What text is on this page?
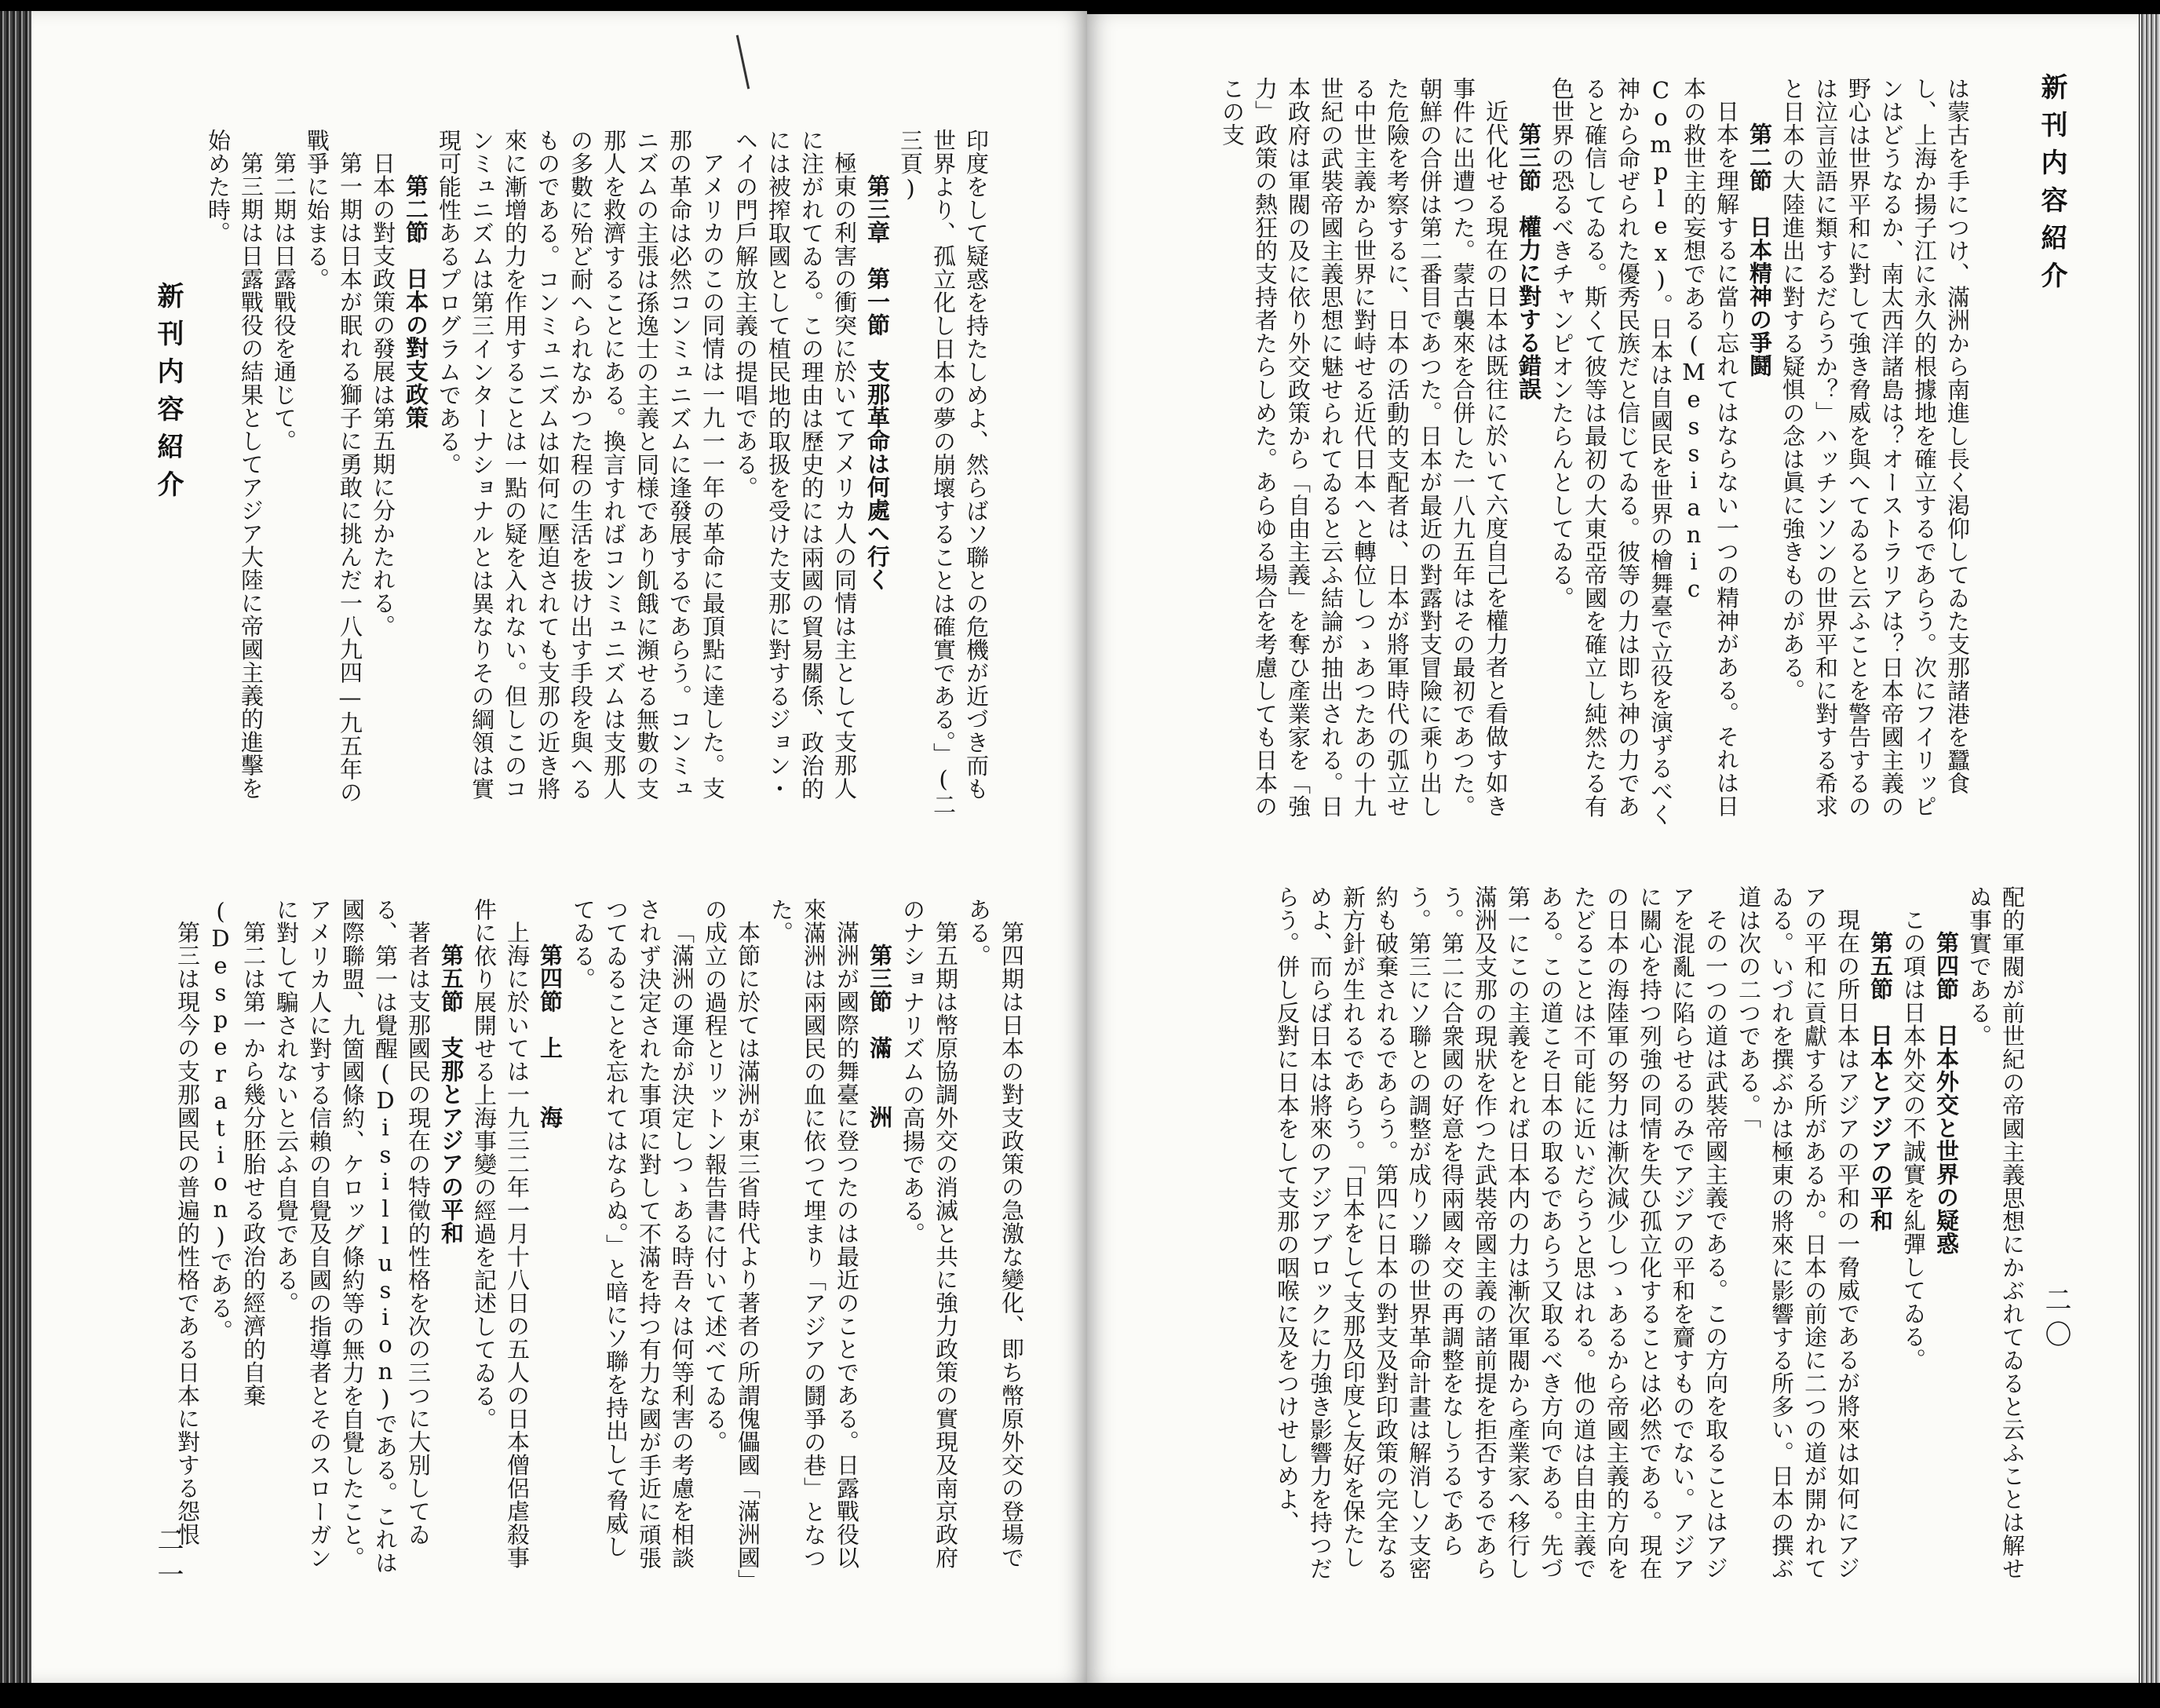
印度をして疑惑を持たしめよ、然らばソ聯との危機が近づき而も世界より、孤立化し日本の夢の崩壞することは確實である。」(二三頁)

第三章　第一節　支那革命は何處へ行く

極東の利害の衝突に於いてアメリカ人の同情は主として支那人に注がれてゐる。この理由は歷史的には兩國の貿易關係、政治的には被搾取國として植民地的取扱を受けた支那に對するジョン・ヘイの門戶解放主義の提唱である。

アメリカのこの同情は一九一一年の革命に最頂點に達した。支那の革命は必然コンミュニズムに逢發展するであらう。コンミュニズムの主張は孫逸士の主義と同様であり飢餓に瀕せる無數の支那人を救濟することにある。換言すればコンミュニズムは支那人の多數に殆ど耐へられなかつた程の生活を拔け出す手段を與へるものである。コンミュニズムは如何に壓迫されても支那の近き將來に漸增的力を作用することは一點の疑を入れない。但しこのコンミュニズムは第三インターナショナルとは異なりその綱領は實現可能性あるプログラムである。

第二節　日本の對支政策

日本の對支政策の發展は第五期に分かたれる。

第一期は日本が眠れる獅子に勇敢に挑んだ一八九四—九五年の戰爭に始まる。

第二期は日露戰役を通じて。

第三期は日露戰役の結果としてアジア大陸に帝國主義的進擊を始めた時。

新刊内容紹介

第四期は日本の對支政策の急激な變化、即ち幣原外交の登場である。

第五期は幣原協調外交の消滅と共に強力政策の實現及南京政府のナショナリズムの高揚である。

第三節　滿　　洲

滿洲が國際的舞臺に登つたのは最近のことである。日露戰役以來滿洲は兩國民の血に依つて埋まり「アジアの鬪爭の巷」となつた。

本節に於ては滿洲が東三省時代より著者の所謂傀儡國「滿洲國」の成立の過程とリットン報告書に付いて述べてゐる。

「滿洲の運命が決定しつゝある時吾々は何等利害の考慮を相談されず決定された事項に對して不滿を持つ有力な國が手近に頑張つてゐることを忘れてはならぬ。」と暗にソ聯を持出して脅威してゐる。

第四節　上　　海

上海に於いては一九三二年一月十八日の五人の日本僧侶虐殺事件に依り展開せる上海事變の經過を記述してゐる。

第五節　支那とアジアの平和

著者は支那國民の現在の特徵的性格を次の三つに大別してゐる、第一は覺醒(Disillusion)である。これは國際聯盟、九箇國條約、ケロッグ條約等の無力を自覺したこと。アメリカ人に對する信賴の自覺及自國の指導者とそのスローガンに對して騙されないと云ふ自覺である。

第二は第一から幾分胚胎せる政治的經濟的自棄(Desperation)である。

第三は現今の支那國民の普遍的性格である日本に對する怨恨

二一

は蒙古を手につけ、滿洲から南進し長く渇仰してゐた支那諸港を蠶食し、上海か揚子江に永久的根據地を確立するであらう。次にフイリッピンはどうなるか、南太西洋諸島は？オーストラリアは？日本帝國主義の野心は世界平和に對して強き脅威を與へてゐると云ふことを警告するのは泣言並語に類するだらうか？」ハッチンソンの世界平和に對する希求と日本の大陸進出に對する疑惧の念は眞に強きものがある。

第二節　日本精神の爭鬪

日本を理解するに當り忘れてはならない一つの精神がある。それは日本の救世主的妄想である(Messianic Complex)。日本は自國民を世界の檜舞臺で立役を演ずるべく神から命ぜられた優秀民族だと信じてゐる。彼等の力は即ち神の力であると確信してゐる。斯くて彼等は最初の大東亞帝國を確立し純然たる有色世界の恐るべきチャンピオンたらんとしてゐる。

第三節　權力に對する錯誤

近代化せる現在の日本は既往に於いて六度自己を權力者と看做す如き事件に出遭つた。蒙古襲來を合併した一八九五年はその最初であつた。朝鮮の合併は第二番目であつた。日本が最近の對露對支冒險に乘り出した危險を考察するに、日本の活動的支配者は、日本が將軍時代の弧立せる中世主義から世界に對峙せる近代日本へと轉位しつゝあつたあの十九世紀の武裝帝國主義思想に魅せられてゐると云ふ結論が抽出される。日本政府は軍閥の及に依り外交政策から「自由主義」を奪ひ產業家を「強力」政策の熱狂的支持者たらしめた。あらゆる場合を考慮しても日本のこの支	新刊内容紹介

配的軍閥が前世紀の帝國主義思想にかぶれてゐると云ふことは解せぬ事實である。

第四節　日本外交と世界の疑惑

この項は日本外交の不誠實を糺彈してゐる。

第五節　日本とアジアの平和

現在の所日本はアジアの平和の一脅威であるが將來は如何にアジアの平和に貢獻する所があるか。日本の前途に二つの道が開かれてゐる。いづれを撰ぶかは極東の將來に影響する所多い。日本の撰ぶ道は次の二つである。「

その一つの道は武裝帝國主義である。この方向を取ることはアジアを混亂に陷らせるのみでアジアの平和を齎すものでない。アジアに關心を持つ列強の同情を失ひ孤立化することは必然である。現在の日本の海陸軍の努力は漸次減少しつゝあるから帝國主義的方向をたどることは不可能に近いだらうと思はれる。他の道は自由主義である。この道こそ日本の取るであらう又取るべき方向である。先づ第一にこの主義をとれば日本内の力は漸次軍閥から產業家へ移行し滿洲及支那の現狀を作つた武裝帝國主義の諸前提を拒否するであらう。第二に合衆國の好意を得兩國々交の再調整をなしうるであらう。第三にソ聯との調整が成りソ聯の世界革命計畫は解消しソ支密約も破棄されるであらう。第四に日本の對支及對印政策の完全なる新方針が生れるであらう。「日本をして支那及印度と友好を保たしめよ、而らば日本は將來のアジアブロックに力強き影響力を持つだらう。併し反對に日本をして支那の咽喉に及をつけせしめよ、	二〇
